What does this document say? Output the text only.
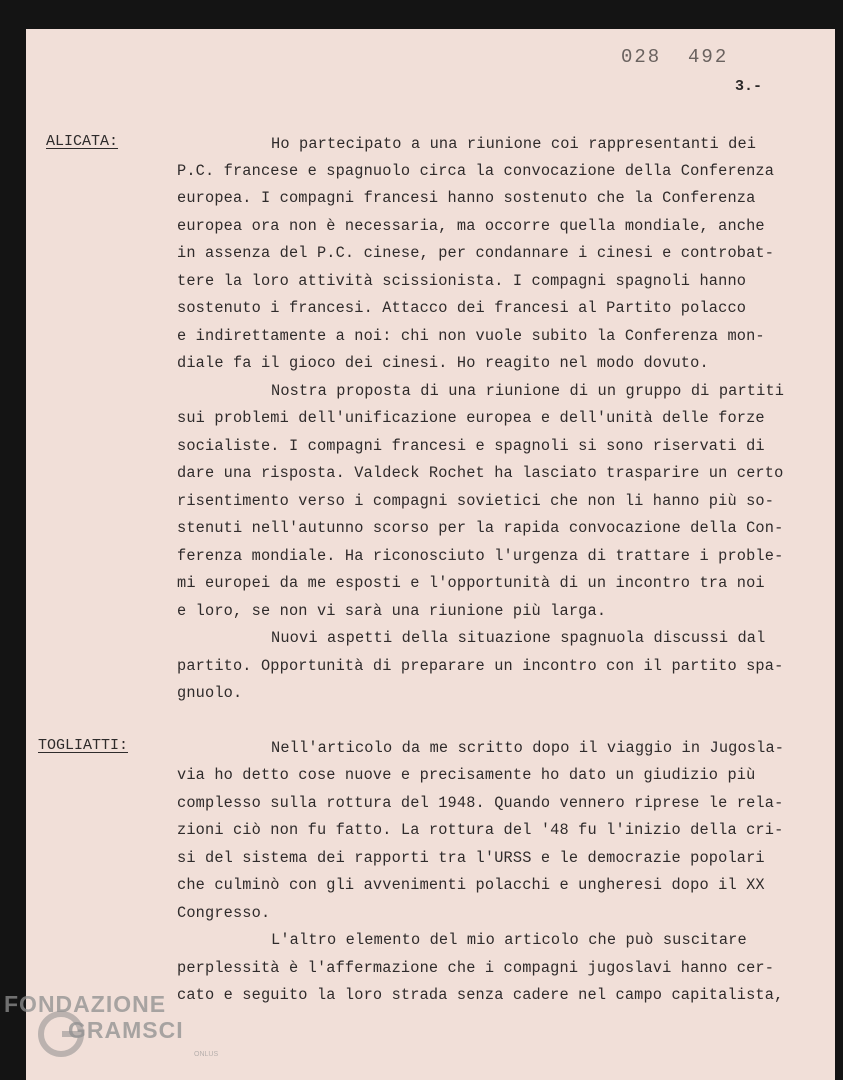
028  492
3.-
ALICATA:	Ho partecipato a una riunione coi rappresentanti dei
P.C. francese e spagnuolo circa la convocazione della Conferenza
europea. I compagni francesi hanno sostenuto che la Conferenza
europea ora non è necessaria, ma occorre quella mondiale, anche
in assenza del P.C. cinese, per condannare i cinesi e controbat-
tere la loro attività scissionista. I compagni spagnoli hanno
sostenuto i francesi. Attacco dei francesi al Partito polacco
e indirettamente a noi: chi non vuole subito la Conferenza mon-
diale fa il gioco dei cinesi. Ho reagito nel modo dovuto.
Nostra proposta di una riunione di un gruppo di partiti
sui problemi dell'unificazione europea e dell'unità delle forze
socialiste. I compagni francesi e spagnoli si sono riservati di
dare una risposta. Valdeck Rochet ha lasciato trasparire un certo
risentimento verso i compagni sovietici che non li hanno più so-
stenuti nell'autunno scorso per la rapida convocazione della Con-
ferenza mondiale. Ha riconosciuto l'urgenza di trattare i proble-
mi europei da me esposti e l'opportunità di un incontro tra noi
e loro, se non vi sarà una riunione più larga.
Nuovi aspetti della situazione spagnuola discussi dal
partito. Opportunità di preparare un incontro con il partito spa-
gnuolo.
TOGLIATTI:	Nell'articolo da me scritto dopo il viaggio in Jugosla-
via ho detto cose nuove e precisamente ho dato un giudizio più
complesso sulla rottura del 1948. Quando vennero riprese le rela-
zioni ciò non fu fatto. La rottura del '48 fu l'inizio della cri-
si del sistema dei rapporti tra l'URSS e le democrazie popolari
che culminò con gli avvenimenti polacchi e ungheresi dopo il XX
Congresso.
L'altro elemento del mio articolo che può suscitare
perplessità è l'affermazione che i compagni jugoslavi hanno cer-
cato e seguito la loro strada senza cadere nel campo capitalista,
FONDAZIONE
GRAMSCI
ONLUS
